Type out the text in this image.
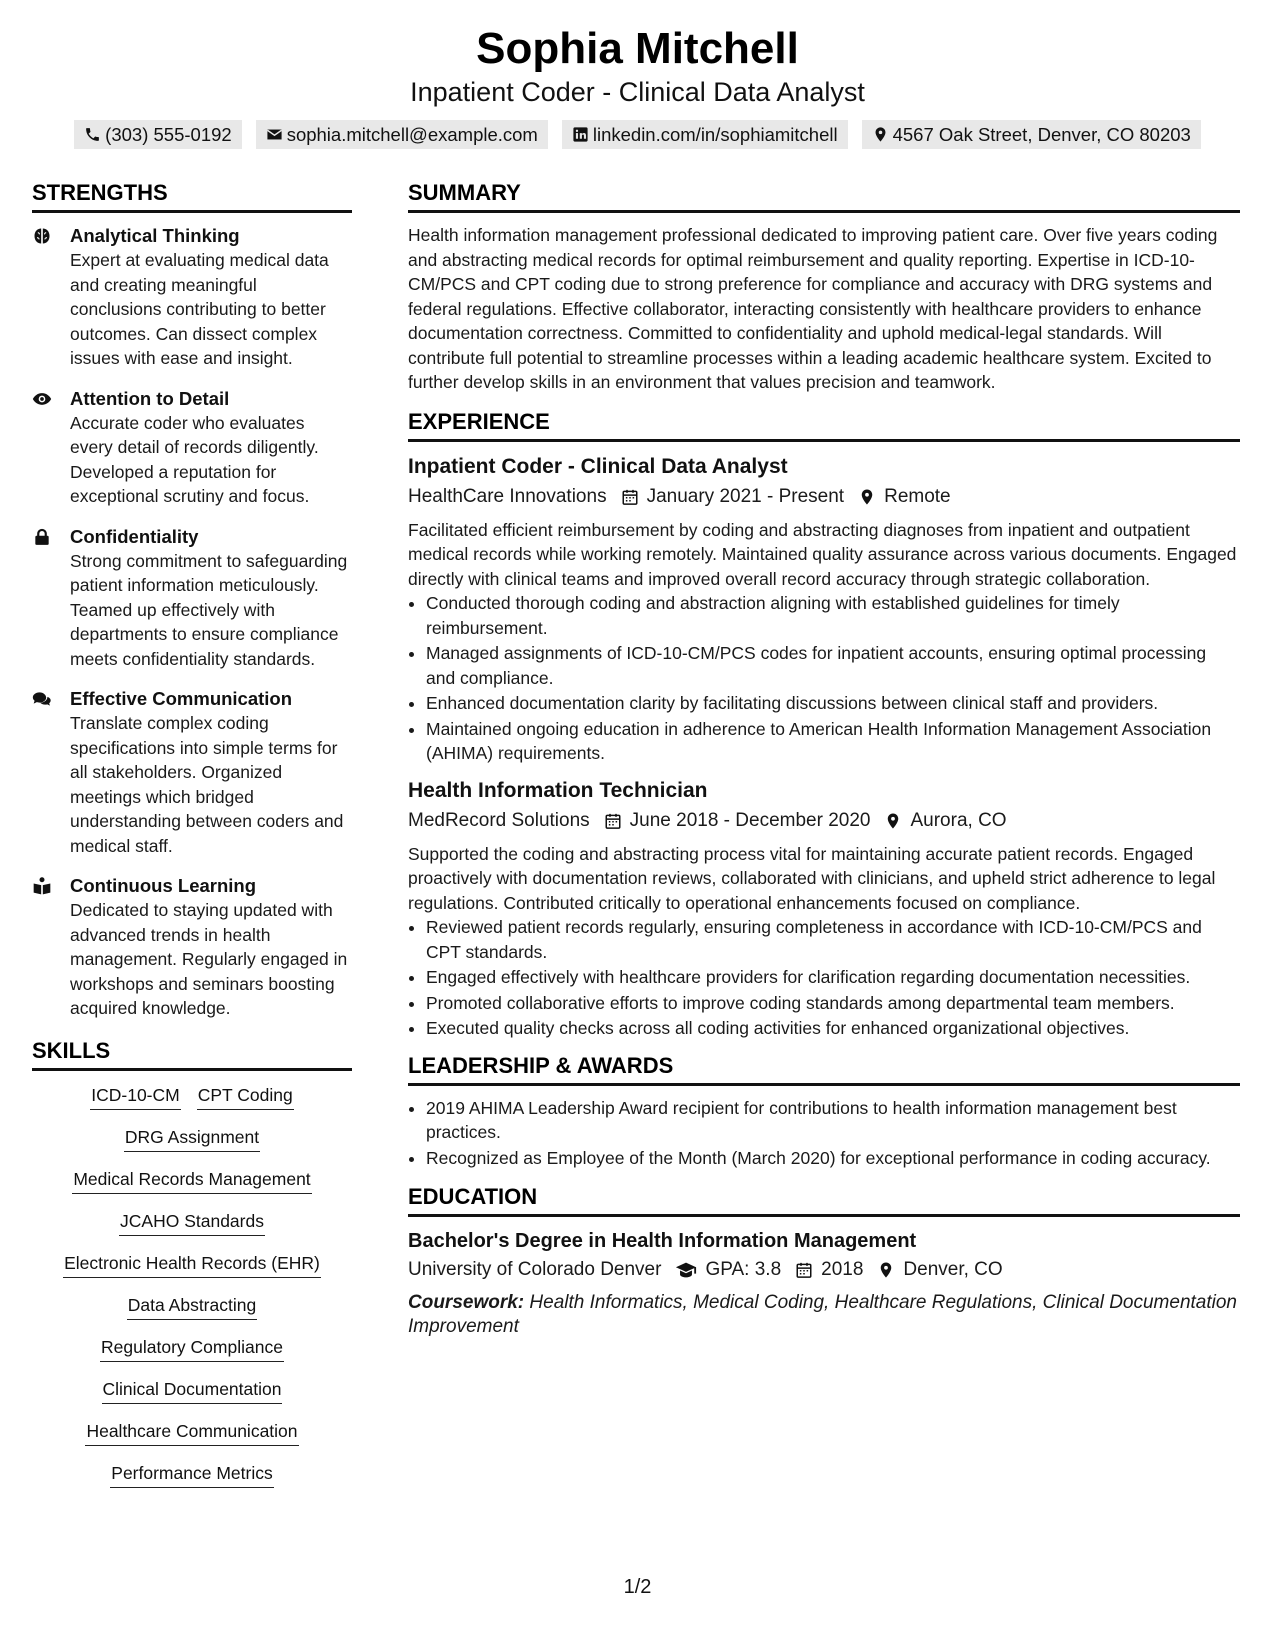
Sophia Mitchell
Inpatient Coder - Clinical Data Analyst
(303) 555-0192	sophia.mitchell@example.com	linkedin.com/in/sophiamitchell	4567 Oak Street, Denver, CO 80203
STRENGTHS
Analytical Thinking
Expert at evaluating medical data and creating meaningful conclusions contributing to better outcomes. Can dissect complex issues with ease and insight.
Attention to Detail
Accurate coder who evaluates every detail of records diligently. Developed a reputation for exceptional scrutiny and focus.
Confidentiality
Strong commitment to safeguarding patient information meticulously. Teamed up effectively with departments to ensure compliance meets confidentiality standards.
Effective Communication
Translate complex coding specifications into simple terms for all stakeholders. Organized meetings which bridged understanding between coders and medical staff.
Continuous Learning
Dedicated to staying updated with advanced trends in health management. Regularly engaged in workshops and seminars boosting acquired knowledge.
SKILLS
ICD-10-CM CPT Coding
DRG Assignment
Medical Records Management
JCAHO Standards
Electronic Health Records (EHR)
Data Abstracting
Regulatory Compliance
Clinical Documentation
Healthcare Communication
Performance Metrics
SUMMARY
Health information management professional dedicated to improving patient care. Over five years coding and abstracting medical records for optimal reimbursement and quality reporting. Expertise in ICD-10-CM/PCS and CPT coding due to strong preference for compliance and accuracy with DRG systems and federal regulations. Effective collaborator, interacting consistently with healthcare providers to enhance documentation correctness. Committed to confidentiality and uphold medical-legal standards. Will contribute full potential to streamline processes within a leading academic healthcare system. Excited to further develop skills in an environment that values precision and teamwork.
EXPERIENCE
Inpatient Coder - Clinical Data Analyst
HealthCare Innovations January 2021 - Present Remote
Facilitated efficient reimbursement by coding and abstracting diagnoses from inpatient and outpatient medical records while working remotely. Maintained quality assurance across various documents. Engaged directly with clinical teams and improved overall record accuracy through strategic collaboration.
• Conducted thorough coding and abstraction aligning with established guidelines for timely reimbursement.
• Managed assignments of ICD-10-CM/PCS codes for inpatient accounts, ensuring optimal processing and compliance.
• Enhanced documentation clarity by facilitating discussions between clinical staff and providers.
• Maintained ongoing education in adherence to American Health Information Management Association (AHIMA) requirements.
Health Information Technician
MedRecord Solutions June 2018 - December 2020 Aurora, CO
Supported the coding and abstracting process vital for maintaining accurate patient records. Engaged proactively with documentation reviews, collaborated with clinicians, and upheld strict adherence to legal regulations. Contributed critically to operational enhancements focused on compliance.
• Reviewed patient records regularly, ensuring completeness in accordance with ICD-10-CM/PCS and CPT standards.
• Engaged effectively with healthcare providers for clarification regarding documentation necessities.
• Promoted collaborative efforts to improve coding standards among departmental team members.
• Executed quality checks across all coding activities for enhanced organizational objectives.
LEADERSHIP & AWARDS
• 2019 AHIMA Leadership Award recipient for contributions to health information management best practices.
• Recognized as Employee of the Month (March 2020) for exceptional performance in coding accuracy.
EDUCATION
Bachelor's Degree in Health Information Management
University of Colorado Denver GPA: 3.8 2018 Denver, CO
Coursework: Health Informatics, Medical Coding, Healthcare Regulations, Clinical Documentation Improvement
1/2
